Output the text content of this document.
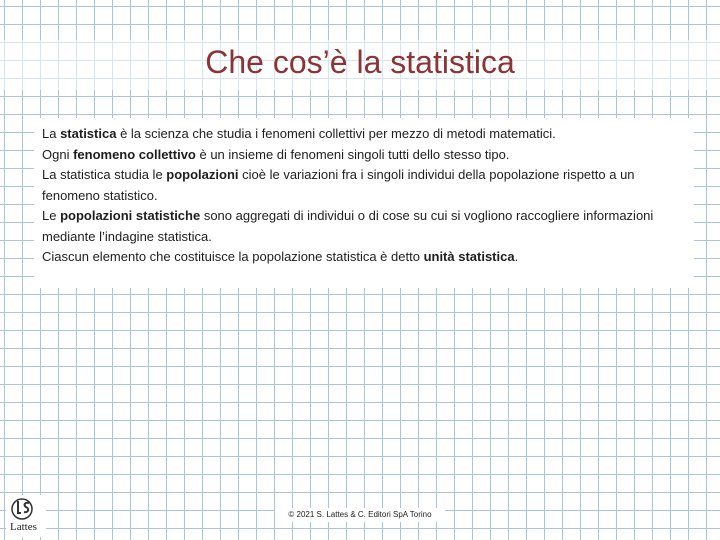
Che cos’è la statistica

La statistica è la scienza che studia i fenomeni collettivi per mezzo di metodi matematici.

Ogni fenomeno collettivo è un insieme di fenomeni singoli tutti dello stesso tipo.

La statistica studia le popolazioni cioè le variazioni fra i singoli individui della popolazione rispetto a un fenomeno statistico.

Le popolazioni statistiche sono aggregati di individui o di cose su cui si vogliono raccogliere informazioni mediante l’indagine statistica.

Ciascun elemento che costituisce la popolazione statistica è detto unità statistica.

Lattes
© 2021 S. Lattes & C. Editori SpA Torino
